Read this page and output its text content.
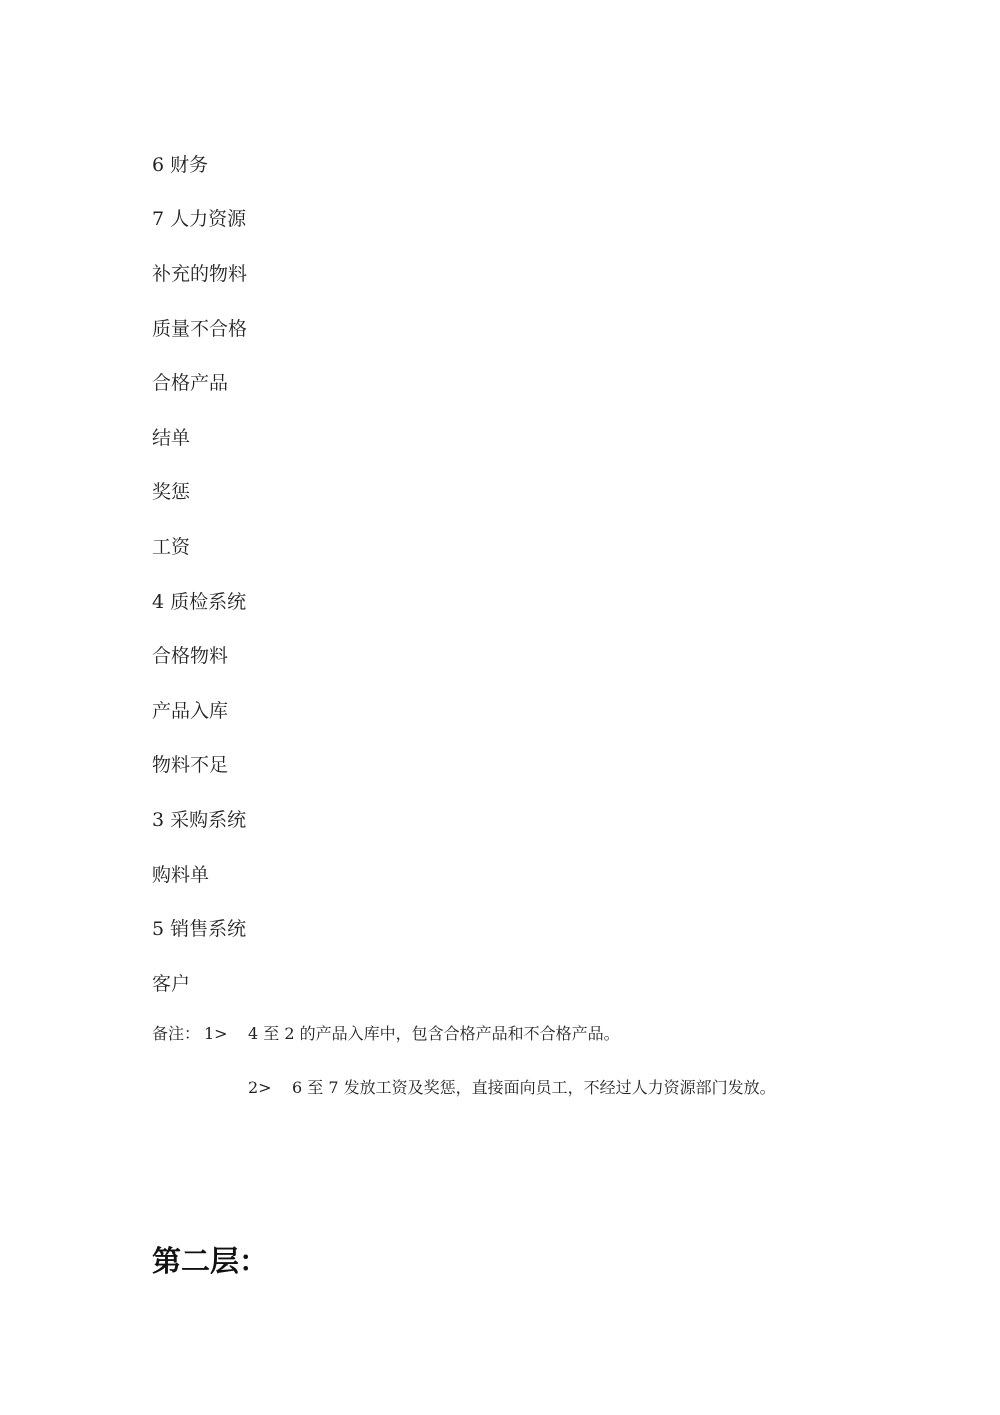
6 财务
7 人力资源
补充的物料
质量不合格
合格产品
结单
奖惩
工资
4 质检系统
合格物料
产品入库
物料不足
3 采购系统
购料单
5 销售系统
客户
备注： 1> 4 至 2 的产品入库中，包含合格产品和不合格产品。
2> 6 至 7 发放工资及奖惩，直接面向员工，不经过人力资源部门发放。
第二层：
